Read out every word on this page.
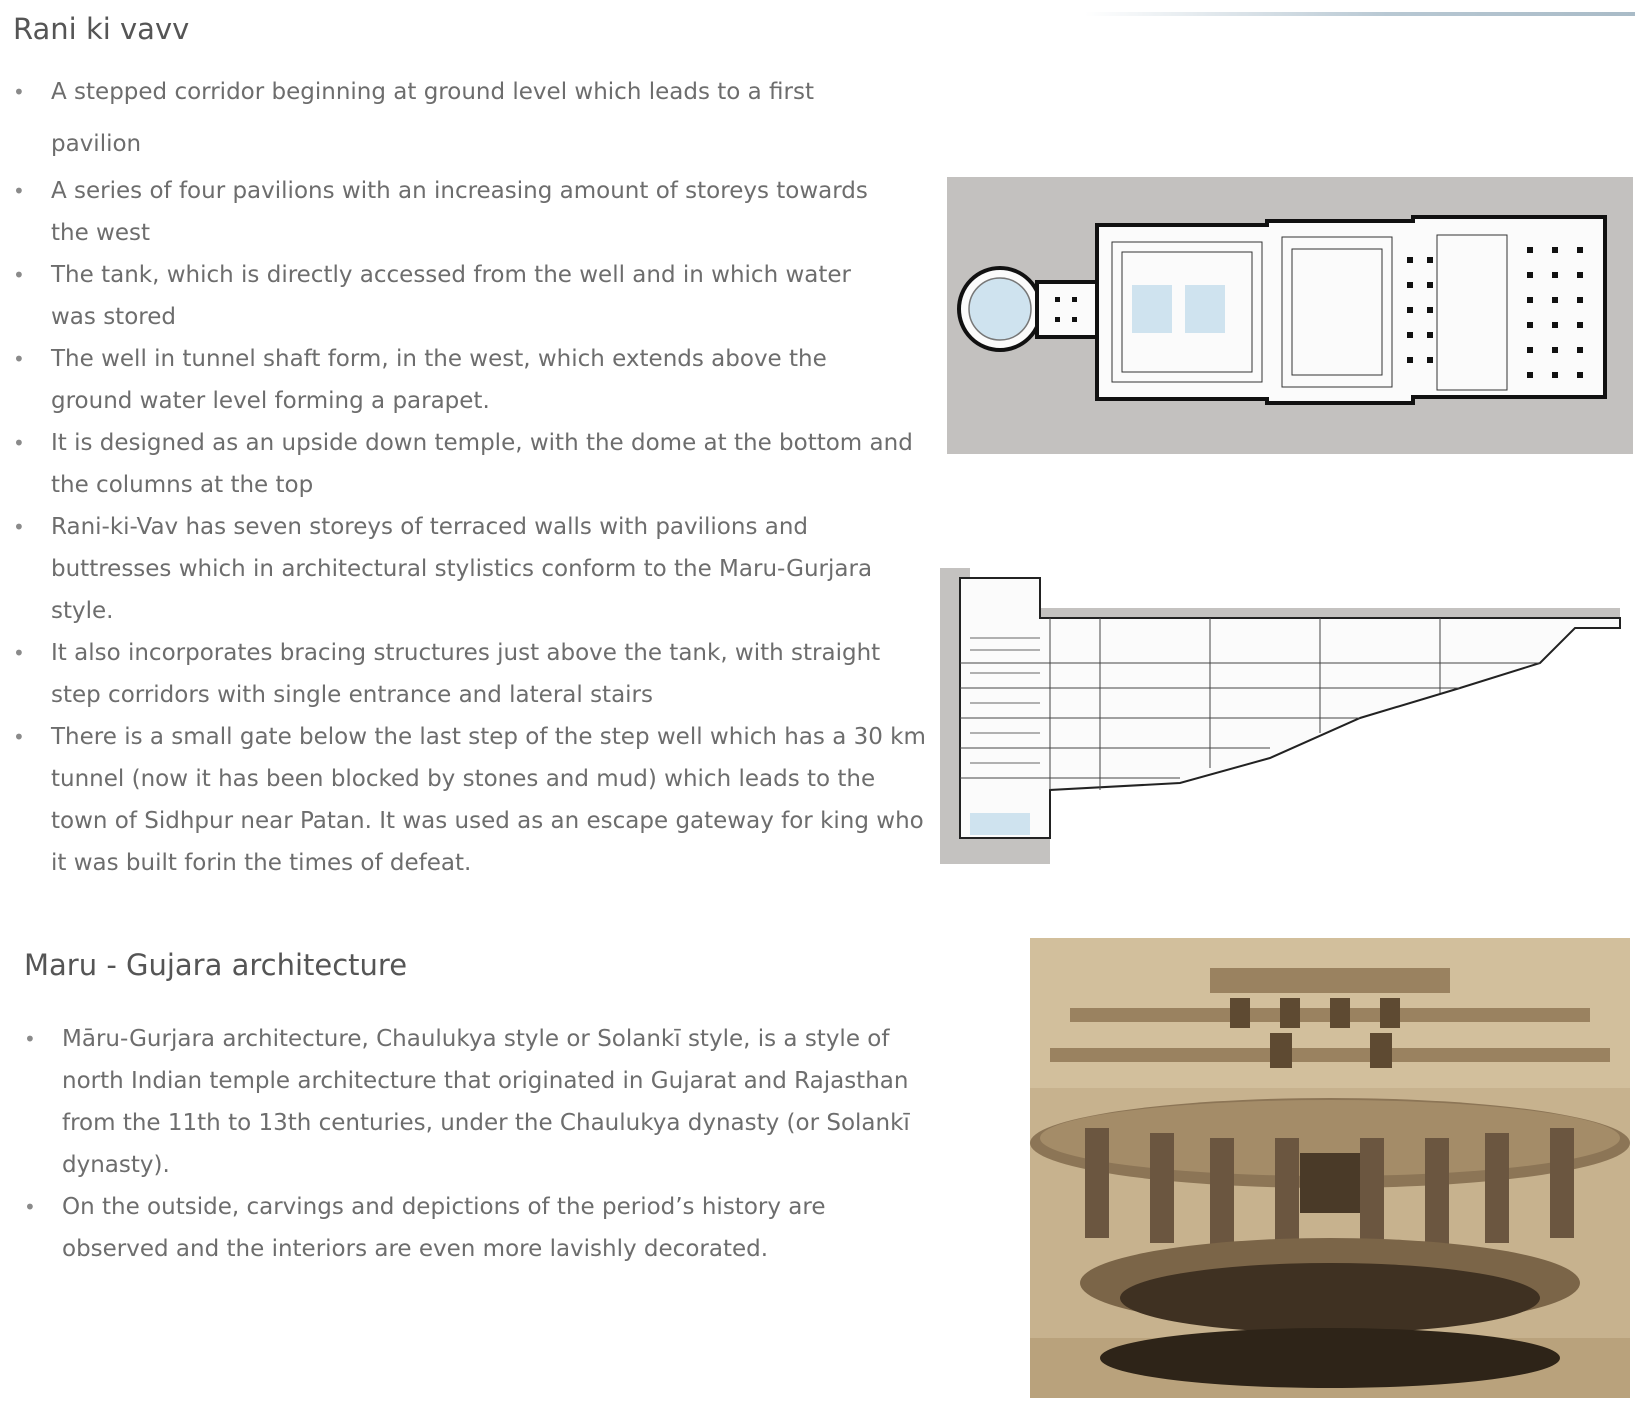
Rani ki vavv
• A stepped corridor beginning at ground level which leads to a first pavilion
• A series of four pavilions with an increasing amount of storeys towards the west
• The tank, which is directly accessed from the well and in which water was stored
• The well in tunnel shaft form, in the west, which extends above the ground water level forming a parapet.
• It is designed as an upside down temple, with the dome at the bottom and the columns at the top
• Rani-ki-Vav has seven storeys of terraced walls with pavilions and buttresses which in architectural stylistics conform to the Maru-Gurjara style.
• It also incorporates bracing structures just above the tank, with straight step corridors with single entrance and lateral stairs
• There is a small gate below the last step of the step well which has a 30 km tunnel (now it has been blocked by stones and mud) which leads to the town of Sidhpur near Patan. It was used as an escape gateway for king who it was built forin the times of defeat.
Maru - Gujara architecture
• Māru-Gurjara architecture, Chaulukya style or Solankī style, is a style of north Indian temple architecture that originated in Gujarat and Rajasthan from the 11th to 13th centuries, under the Chaulukya dynasty (or Solankī dynasty).
• On the outside, carvings and depictions of the period’s history are observed and the interiors are even more lavishly decorated.
